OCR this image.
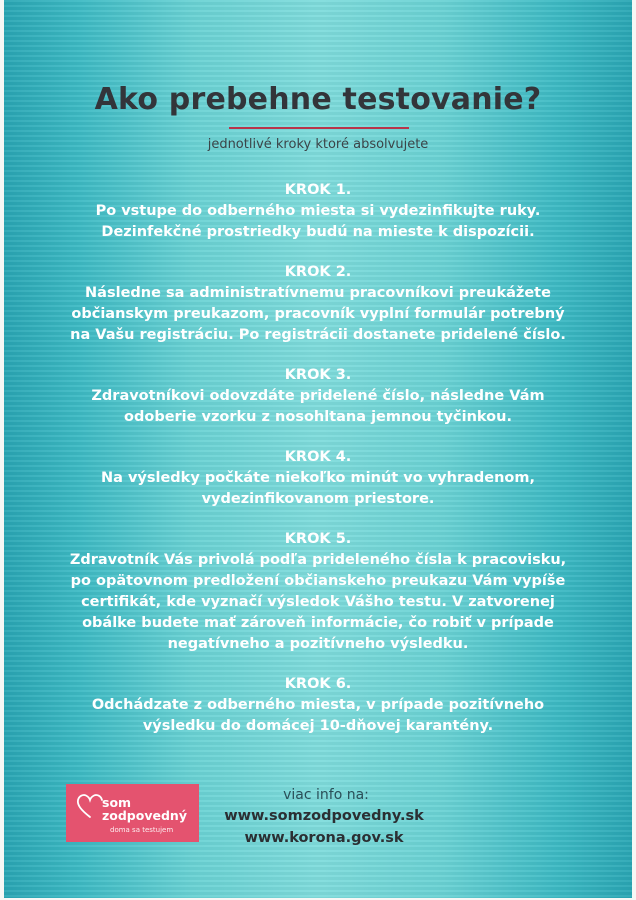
Ako prebehne testovanie?
jednotlivé kroky ktoré absolvujete
KROK 1.
Po vstupe do odberného miesta si vydezinfikujte ruky.
Dezinfekčné prostriedky budú na mieste k dispozícii.
KROK 2.
Následne sa administratívnemu pracovníkovi preukážete
občianskym preukazom, pracovník vyplní formulár potrebný
na Vašu registráciu. Po registrácii dostanete pridelené číslo.
KROK 3.
Zdravotníkovi odovzdáte pridelené číslo, následne Vám
odoberie vzorku z nosohltana jemnou tyčinkou.
KROK 4.
Na výsledky počkáte niekoľko minút vo vyhradenom,
vydezinfikovanom priestore.
KROK 5.
Zdravotník Vás privolá podľa prideleného čísla k pracovisku,
po opätovnom predložení občianskeho preukazu Vám vypíše
certifikát, kde vyznačí výsledok Vášho testu. V zatvorenej
obálke budete mať zároveň informácie, čo robiť v prípade
negatívneho a pozitívneho výsledku.
KROK 6.
Odchádzate z odberného miesta, v prípade pozitívneho
výsledku do domácej 10-dňovej karantény.
som
zodpovedný
doma sa testujem
viac info na:
www.somzodpovedny.sk
www.korona.gov.sk
